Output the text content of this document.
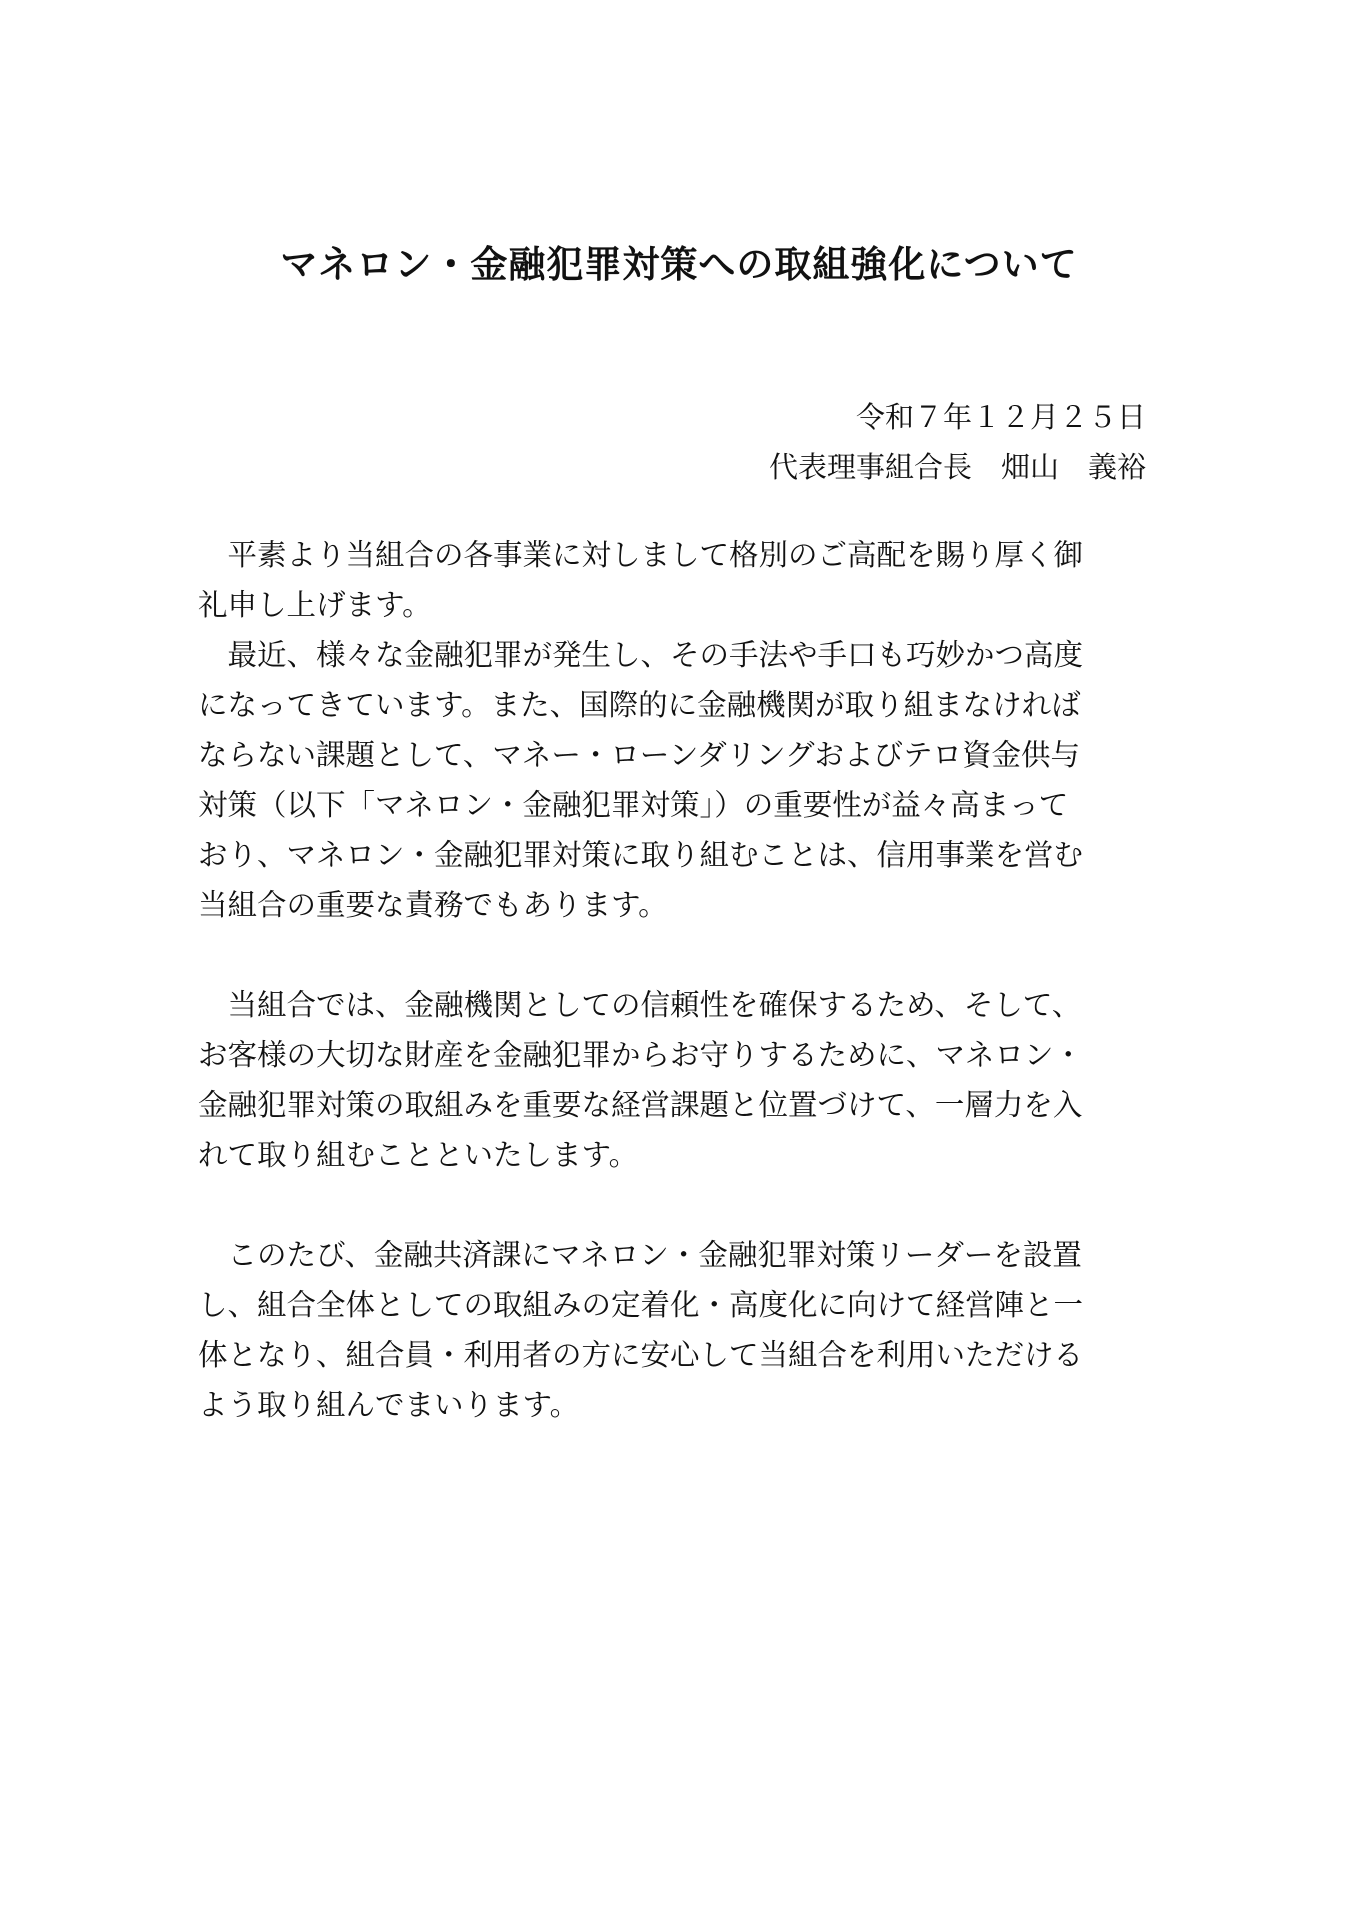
マネロン・金融犯罪対策への取組強化について
令和７年１２月２５日
代表理事組合長　畑山　義裕
　平素より当組合の各事業に対しまして格別のご高配を賜り厚く御
礼申し上げます。
　最近、様々な金融犯罪が発生し、その手法や手口も巧妙かつ高度
になってきています。また、国際的に金融機関が取り組まなければ
ならない課題として、マネー・ローンダリングおよびテロ資金供与
対策（以下「マネロン・金融犯罪対策」）の重要性が益々高まって
おり、マネロン・金融犯罪対策に取り組むことは、信用事業を営む
当組合の重要な責務でもあります。
　当組合では、金融機関としての信頼性を確保するため、そして、
お客様の大切な財産を金融犯罪からお守りするために、マネロン・
金融犯罪対策の取組みを重要な経営課題と位置づけて、一層力を入
れて取り組むことといたします。
　このたび、金融共済課にマネロン・金融犯罪対策リーダーを設置
し、組合全体としての取組みの定着化・高度化に向けて経営陣と一
体となり、組合員・利用者の方に安心して当組合を利用いただける
よう取り組んでまいります。
